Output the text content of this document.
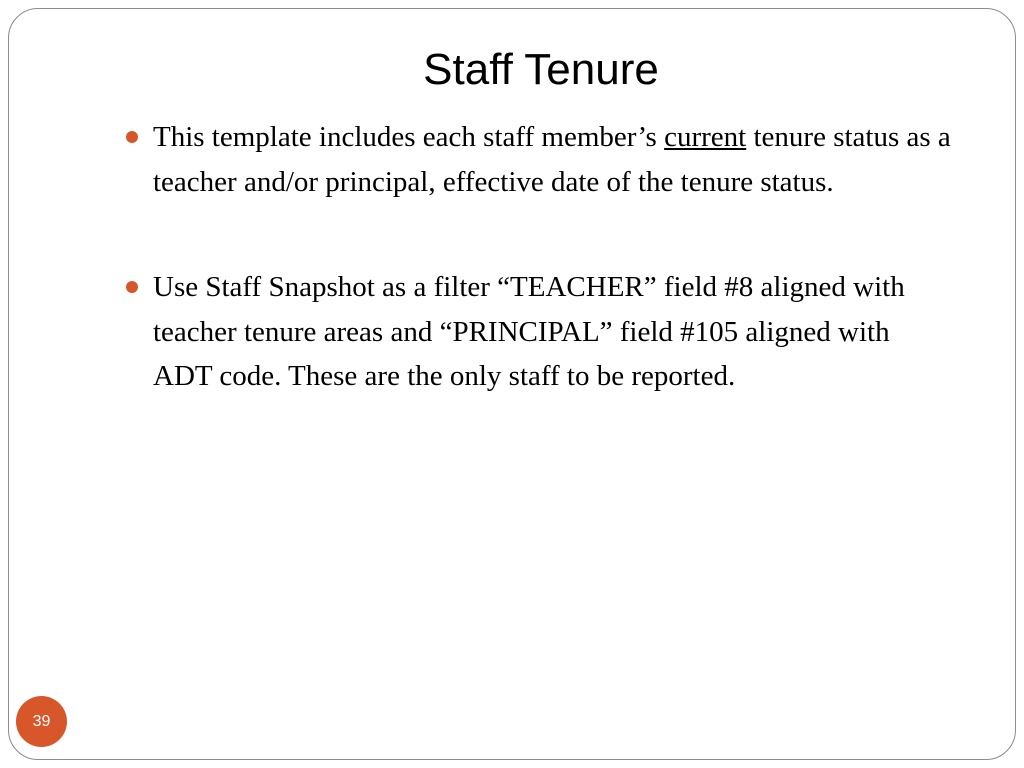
Staff Tenure
This template includes each staff member’s current tenure status as a teacher and/or principal, effective date of the tenure status.
Use Staff Snapshot as a filter “TEACHER” field #8 aligned with teacher tenure areas and “PRINCIPAL” field #105 aligned with ADT code. These are the only staff to be reported.
39
